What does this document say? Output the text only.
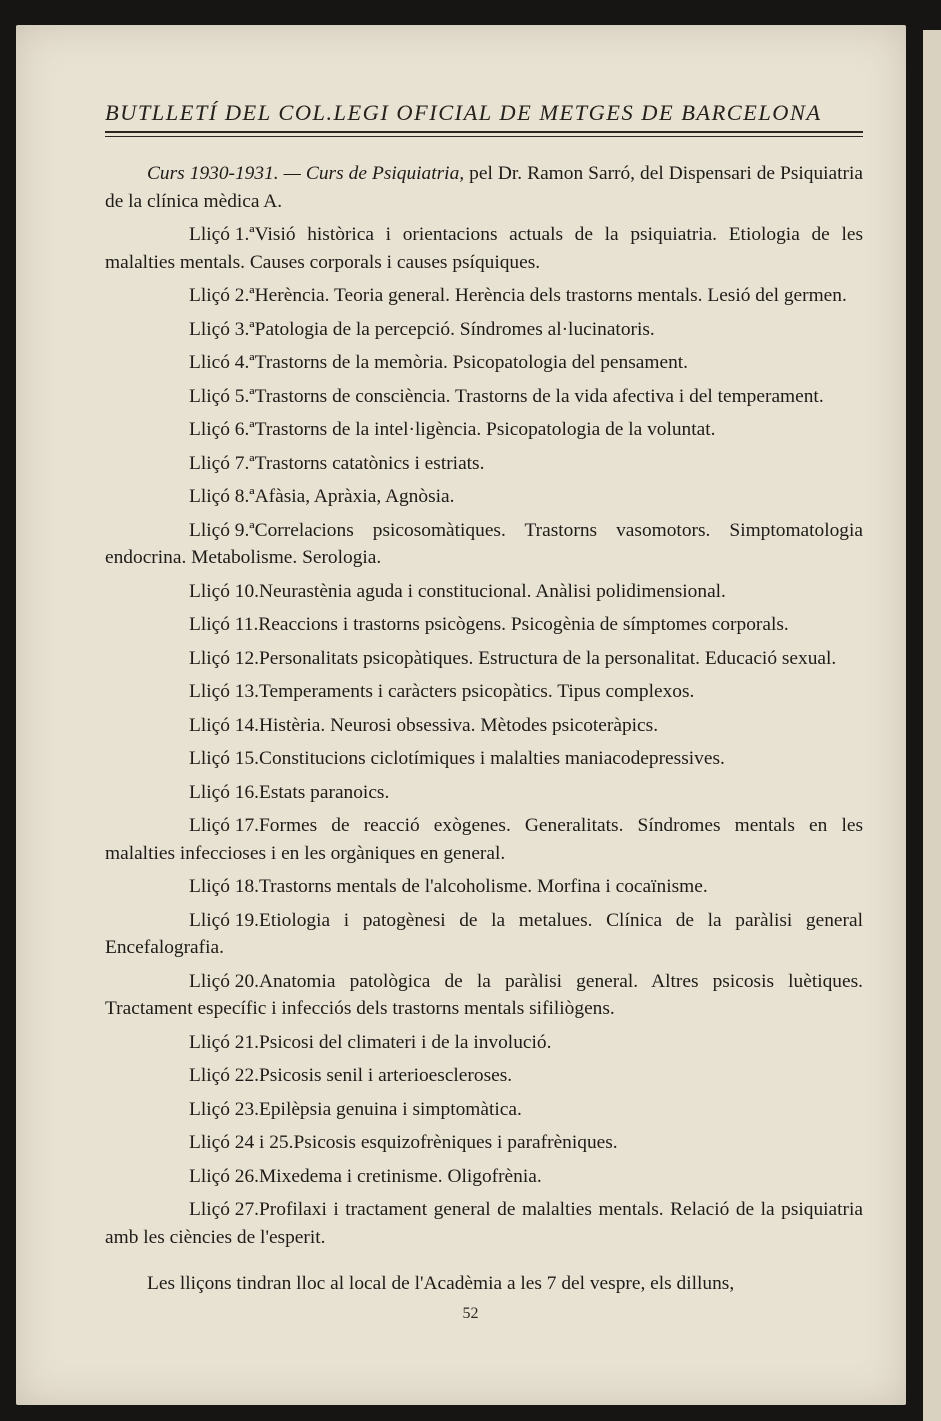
BUTLLETÍ DEL COL.LEGI OFICIAL DE METGES DE BARCELONA

Curs 1930-1931. — Curs de Psiquiatria, pel Dr. Ramon Sarró, del Dispensari de Psiquiatria de la clínica mèdica A.

Lliçó 1.ªVisió històrica i orientacions actuals de la psiquiatria. Etiologia de les malalties mentals. Causes corporals i causes psíquiques.

Lliçó 2.ªHerència. Teoria general. Herència dels trastorns mentals. Lesió del germen.

Lliçó 3.ªPatologia de la percepció. Síndromes al·lucinatoris.

Llicó 4.ªTrastorns de la memòria. Psicopatologia del pensament.

Lliçó 5.ªTrastorns de consciència. Trastorns de la vida afectiva i del temperament.

Lliçó 6.ªTrastorns de la intel·ligència. Psicopatologia de la voluntat.

Lliçó 7.ªTrastorns catatònics i estriats.

Lliçó 8.ªAfàsia, Apràxia, Agnòsia.

Lliçó 9.ªCorrelacions psicosomàtiques. Trastorns vasomotors. Simptomatologia endocrina. Metabolisme. Serologia.

Lliçó 10.Neurastènia aguda i constitucional. Anàlisi polidimensional.

Lliçó 11.Reaccions i trastorns psicògens. Psicogènia de símptomes corporals.

Lliçó 12.Personalitats psicopàtiques. Estructura de la personalitat. Educació sexual.

Lliçó 13.Temperaments i caràcters psicopàtics. Tipus complexos.

Lliçó 14.Histèria. Neurosi obsessiva. Mètodes psicoteràpics.

Lliçó 15.Constitucions ciclotímiques i malalties maniacodepressives.

Lliçó 16.Estats paranoics.

Lliçó 17.Formes de reacció exògenes. Generalitats. Síndromes mentals en les malalties infeccioses i en les orgàniques en general.

Lliçó 18.Trastorns mentals de l'alcoholisme. Morfina i cocaïnisme.

Lliçó 19.Etiologia i patogènesi de la metalues. Clínica de la paràlisi general Encefalografia.

Lliçó 20.Anatomia patològica de la paràlisi general. Altres psicosis luètiques. Tractament específic i infecciós dels trastorns mentals sifiliògens.

Lliçó 21.Psicosi del climateri i de la involució.

Lliçó 22.Psicosis senil i arterioescleroses.

Lliçó 23.Epilèpsia genuina i simptomàtica.

Lliçó 24 i 25.Psicosis esquizofrèniques i parafrèniques.

Lliçó 26.Mixedema i cretinisme. Oligofrènia.

Lliçó 27.Profilaxi i tractament general de malalties mentals. Relació de la psiquiatria amb les ciències de l'esperit.

Les lliçons tindran lloc al local de l'Acadèmia a les 7 del vespre, els dilluns,

52
